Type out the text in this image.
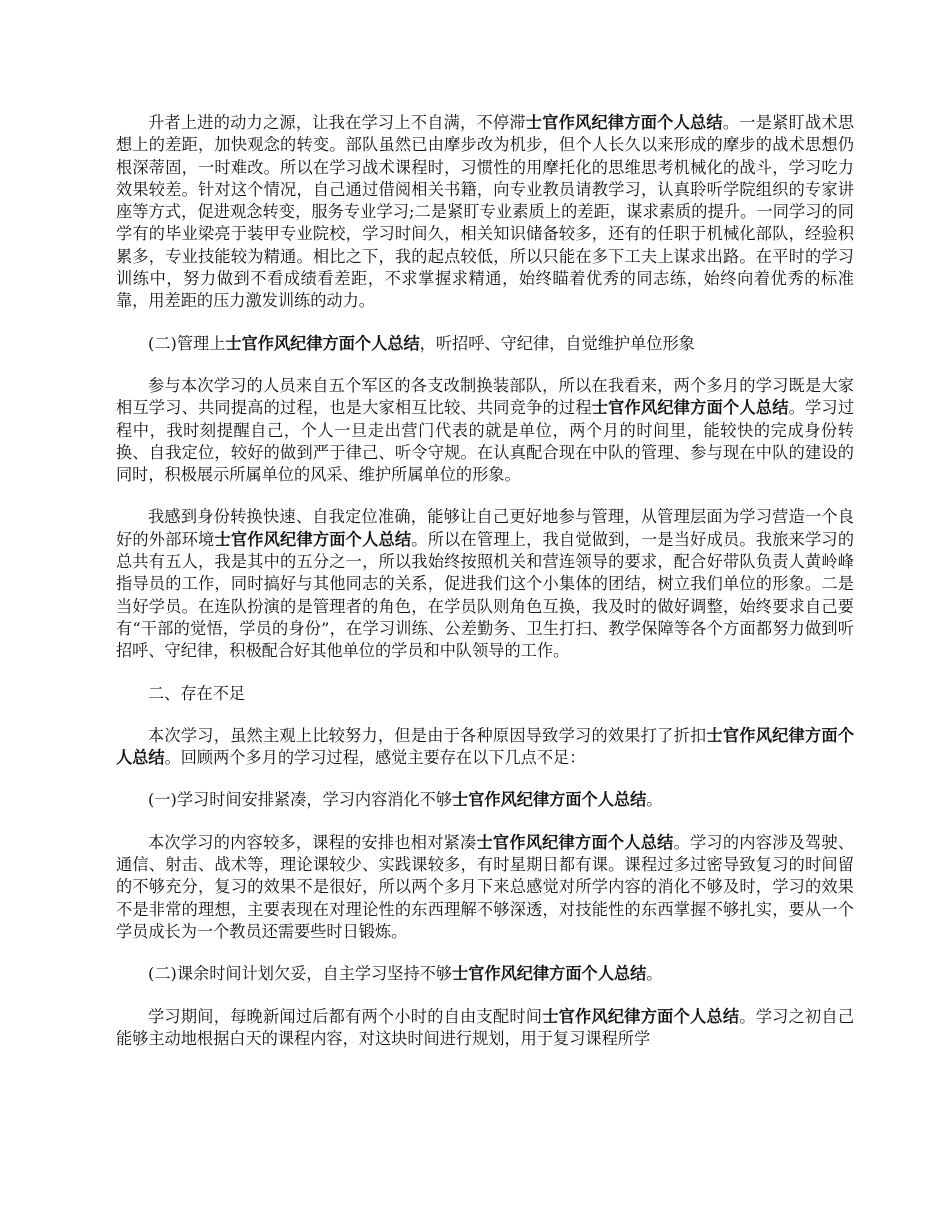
升者上进的动力之源，让我在学习上不自满，不停滞士官作风纪律方面个人总结。一是紧盯战术思想上的差距，加快观念的转变。部队虽然已由摩步改为机步，但个人长久以来形成的摩步的战术思想仍根深蒂固，一时难改。所以在学习战术课程时，习惯性的用摩托化的思维思考机械化的战斗，学习吃力效果较差。针对这个情况，自己通过借阅相关书籍，向专业教员请教学习，认真聆听学院组织的专家讲座等方式，促进观念转变，服务专业学习;二是紧盯专业素质上的差距，谋求素质的提升。一同学习的同学有的毕业梁亮于装甲专业院校，学习时间久，相关知识储备较多，还有的任职于机械化部队，经验积累多，专业技能较为精通。相比之下，我的起点较低，所以只能在多下工夫上谋求出路。在平时的学习训练中，努力做到不看成绩看差距，不求掌握求精通，始终瞄着优秀的同志练，始终向着优秀的标准靠，用差距的压力激发训练的动力。

(二)管理上士官作风纪律方面个人总结，听招呼、守纪律，自觉维护单位形象

参与本次学习的人员来自五个军区的各支改制换装部队，所以在我看来，两个多月的学习既是大家相互学习、共同提高的过程，也是大家相互比较、共同竞争的过程士官作风纪律方面个人总结。学习过程中，我时刻提醒自己，个人一旦走出营门代表的就是单位，两个月的时间里，能较快的完成身份转换、自我定位，较好的做到严于律己、听令守规。在认真配合现在中队的管理、参与现在中队的建设的同时，积极展示所属单位的风采、维护所属单位的形象。

我感到身份转换快速、自我定位准确，能够让自己更好地参与管理，从管理层面为学习营造一个良好的外部环境士官作风纪律方面个人总结。所以在管理上，我自觉做到，一是当好成员。我旅来学习的总共有五人，我是其中的五分之一，所以我始终按照机关和营连领导的要求，配合好带队负责人黄岭峰指导员的工作，同时搞好与其他同志的关系，促进我们这个小集体的团结，树立我们单位的形象。二是当好学员。在连队扮演的是管理者的角色，在学员队则角色互换，我及时的做好调整，始终要求自己要有“干部的觉悟，学员的身份”，在学习训练、公差勤务、卫生打扫、教学保障等各个方面都努力做到听招呼、守纪律，积极配合好其他单位的学员和中队领导的工作。

二、存在不足

本次学习，虽然主观上比较努力，但是由于各种原因导致学习的效果打了折扣士官作风纪律方面个人总结。回顾两个多月的学习过程，感觉主要存在以下几点不足：

(一)学习时间安排紧凑，学习内容消化不够士官作风纪律方面个人总结。

本次学习的内容较多，课程的安排也相对紧凑士官作风纪律方面个人总结。学习的内容涉及驾驶、通信、射击、战术等，理论课较少、实践课较多，有时星期日都有课。课程过多过密导致复习的时间留的不够充分，复习的效果不是很好，所以两个多月下来总感觉对所学内容的消化不够及时，学习的效果不是非常的理想，主要表现在对理论性的东西理解不够深透，对技能性的东西掌握不够扎实，要从一个学员成长为一个教员还需要些时日锻炼。

(二)课余时间计划欠妥，自主学习坚持不够士官作风纪律方面个人总结。

学习期间，每晚新闻过后都有两个小时的自由支配时间士官作风纪律方面个人总结。学习之初自己能够主动地根据白天的课程内容，对这块时间进行规划，用于复习课程所学
